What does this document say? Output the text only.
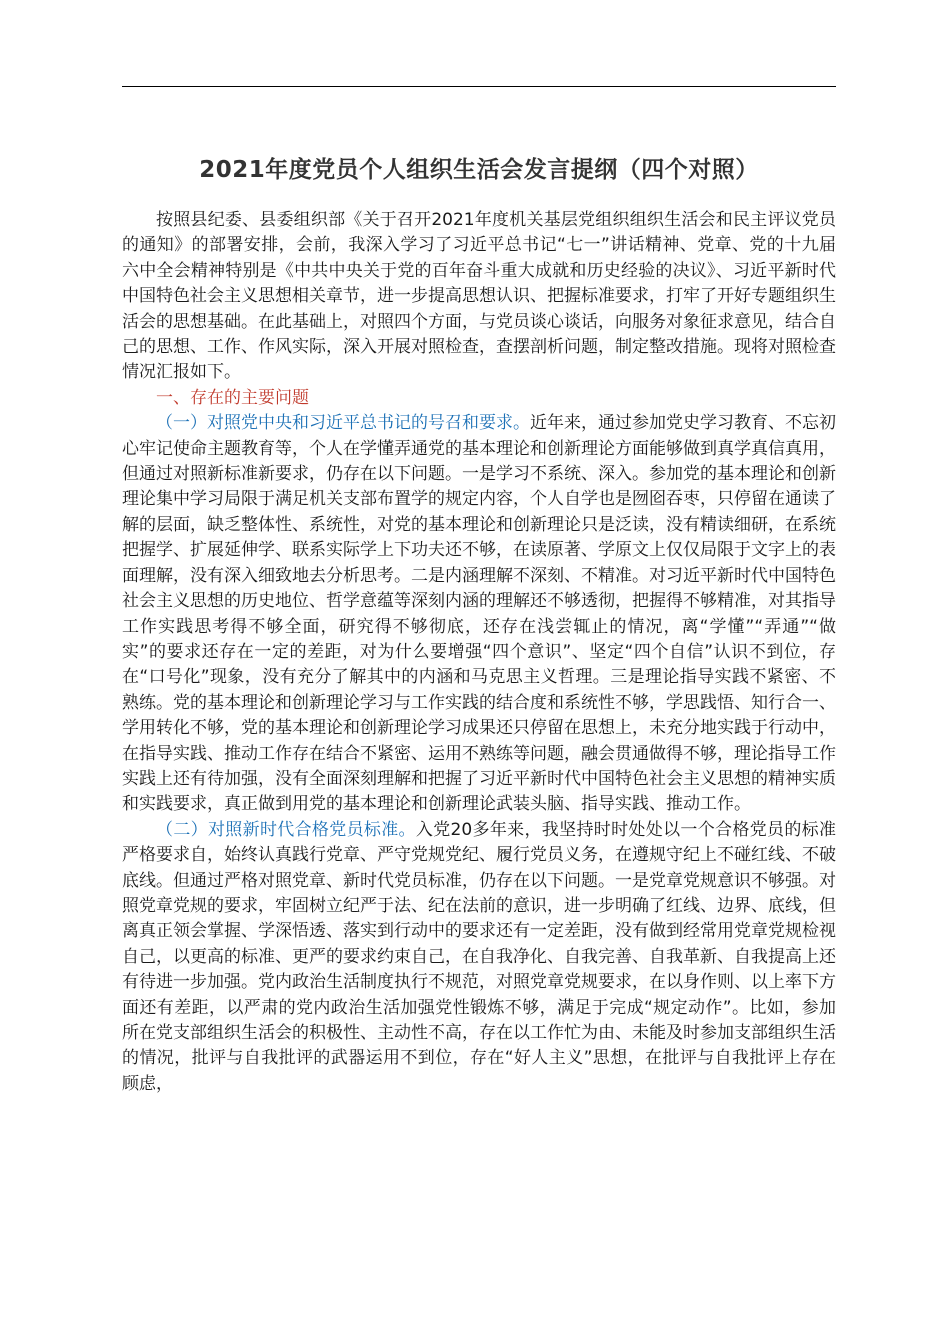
2021年度党员个人组织生活会发言提纲（四个对照）

按照县纪委、县委组织部《关于召开2021年度机关基层党组织组织生活会和民主评议党员的通知》的部署安排，会前，我深入学习了习近平总书记“七一”讲话精神、党章、党的十九届六中全会精神特别是《中共中央关于党的百年奋斗重大成就和历史经验的决议》、习近平新时代中国特色社会主义思想相关章节，进一步提高思想认识、把握标准要求，打牢了开好专题组织生活会的思想基础。在此基础上，对照四个方面，与党员谈心谈话，向服务对象征求意见，结合自己的思想、工作、作风实际，深入开展对照检查，查摆剖析问题，制定整改措施。现将对照检查情况汇报如下。

一、存在的主要问题

（一）对照党中央和习近平总书记的号召和要求。近年来，通过参加党史学习教育、不忘初心牢记使命主题教育等，个人在学懂弄通党的基本理论和创新理论方面能够做到真学真信真用，但通过对照新标准新要求，仍存在以下问题。一是学习不系统、深入。参加党的基本理论和创新理论集中学习局限于满足机关支部布置学的规定内容，个人自学也是囫囵吞枣，只停留在通读了解的层面，缺乏整体性、系统性，对党的基本理论和创新理论只是泛读，没有精读细研，在系统把握学、扩展延伸学、联系实际学上下功夫还不够，在读原著、学原文上仅仅局限于文字上的表面理解，没有深入细致地去分析思考。二是内涵理解不深刻、不精准。对习近平新时代中国特色社会主义思想的历史地位、哲学意蕴等深刻内涵的理解还不够透彻，把握得不够精准，对其指导工作实践思考得不够全面，研究得不够彻底，还存在浅尝辄止的情况，离“学懂”“弄通”“做实”的要求还存在一定的差距，对为什么要增强“四个意识”、坚定“四个自信”认识不到位，存在“口号化”现象，没有充分了解其中的内涵和马克思主义哲理。三是理论指导实践不紧密、不熟练。党的基本理论和创新理论学习与工作实践的结合度和系统性不够，学思践悟、知行合一、学用转化不够，党的基本理论和创新理论学习成果还只停留在思想上，未充分地实践于行动中，在指导实践、推动工作存在结合不紧密、运用不熟练等问题，融会贯通做得不够，理论指导工作实践上还有待加强，没有全面深刻理解和把握了习近平新时代中国特色社会主义思想的精神实质和实践要求，真正做到用党的基本理论和创新理论武装头脑、指导实践、推动工作。

（二）对照新时代合格党员标准。入党20多年来，我坚持时时处处以一个合格党员的标准严格要求自，始终认真践行党章、严守党规党纪、履行党员义务，在遵规守纪上不碰红线、不破底线。但通过严格对照党章、新时代党员标准，仍存在以下问题。一是党章党规意识不够强。对照党章党规的要求，牢固树立纪严于法、纪在法前的意识，进一步明确了红线、边界、底线，但离真正领会掌握、学深悟透、落实到行动中的要求还有一定差距，没有做到经常用党章党规检视自己，以更高的标准、更严的要求约束自己，在自我净化、自我完善、自我革新、自我提高上还有待进一步加强。党内政治生活制度执行不规范，对照党章党规要求，在以身作则、以上率下方面还有差距，以严肃的党内政治生活加强党性锻炼不够，满足于完成“规定动作”。比如，参加所在党支部组织生活会的积极性、主动性不高，存在以工作忙为由、未能及时参加支部组织生活的情况，批评与自我批评的武器运用不到位，存在“好人主义”思想，在批评与自我批评上存在顾虑，
